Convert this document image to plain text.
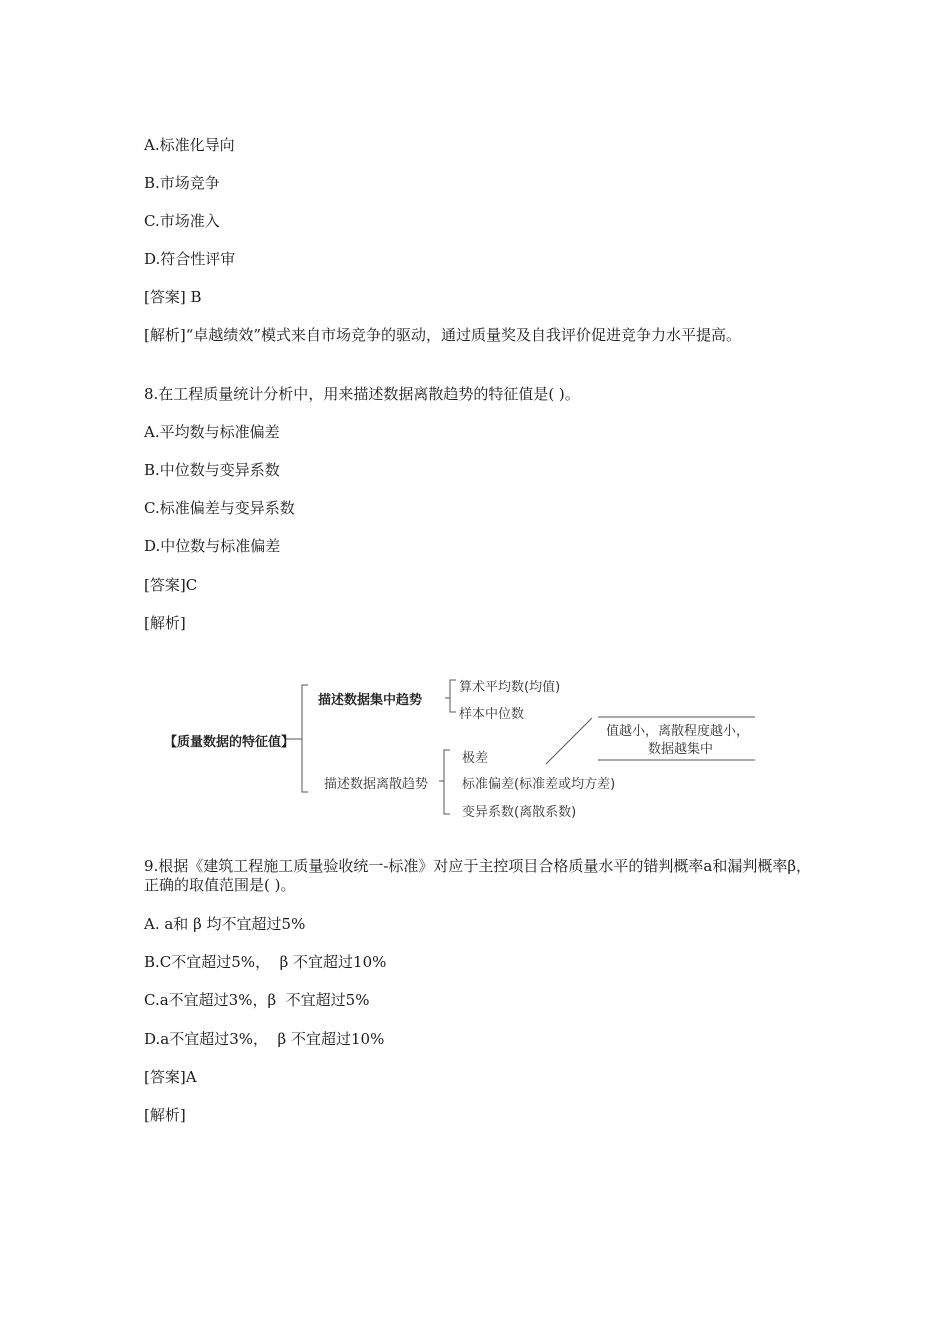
A.标准化导向
B.市场竞争
C.市场准入
D.符合性评审
[答案] B
[解析]“卓越绩效”模式来自市场竞争的驱动，通过质量奖及自我评价促进竞争力水平提高。
8.在工程质量统计分析中，用来描述数据离散趋势的特征值是( )。
A.平均数与标准偏差
B.中位数与变异系数
C.标准偏差与变异系数
D.中位数与标准偏差
[答案]C
[解析]
【质量数据的特征值】
描述数据集中趋势
算术平均数(均值)
样本中位数
描述数据离散趋势
极差
标准偏差(标准差或均方差)
变异系数(离散系数)
值越小，离散程度越小，
数据越集中
9.根据《建筑工程施工质量验收统一-标准》对应于主控项目合格质量水平的错判概率a和漏判概率β，正确的取值范围是( )。
A. a和 β 均不宜超过5%
B.C不宜超过5%，  β 不宜超过10%
C.a不宜超过3%，β  不宜超过5%
D.a不宜超过3%，  β 不宜超过10%
[答案]A
[解析]
